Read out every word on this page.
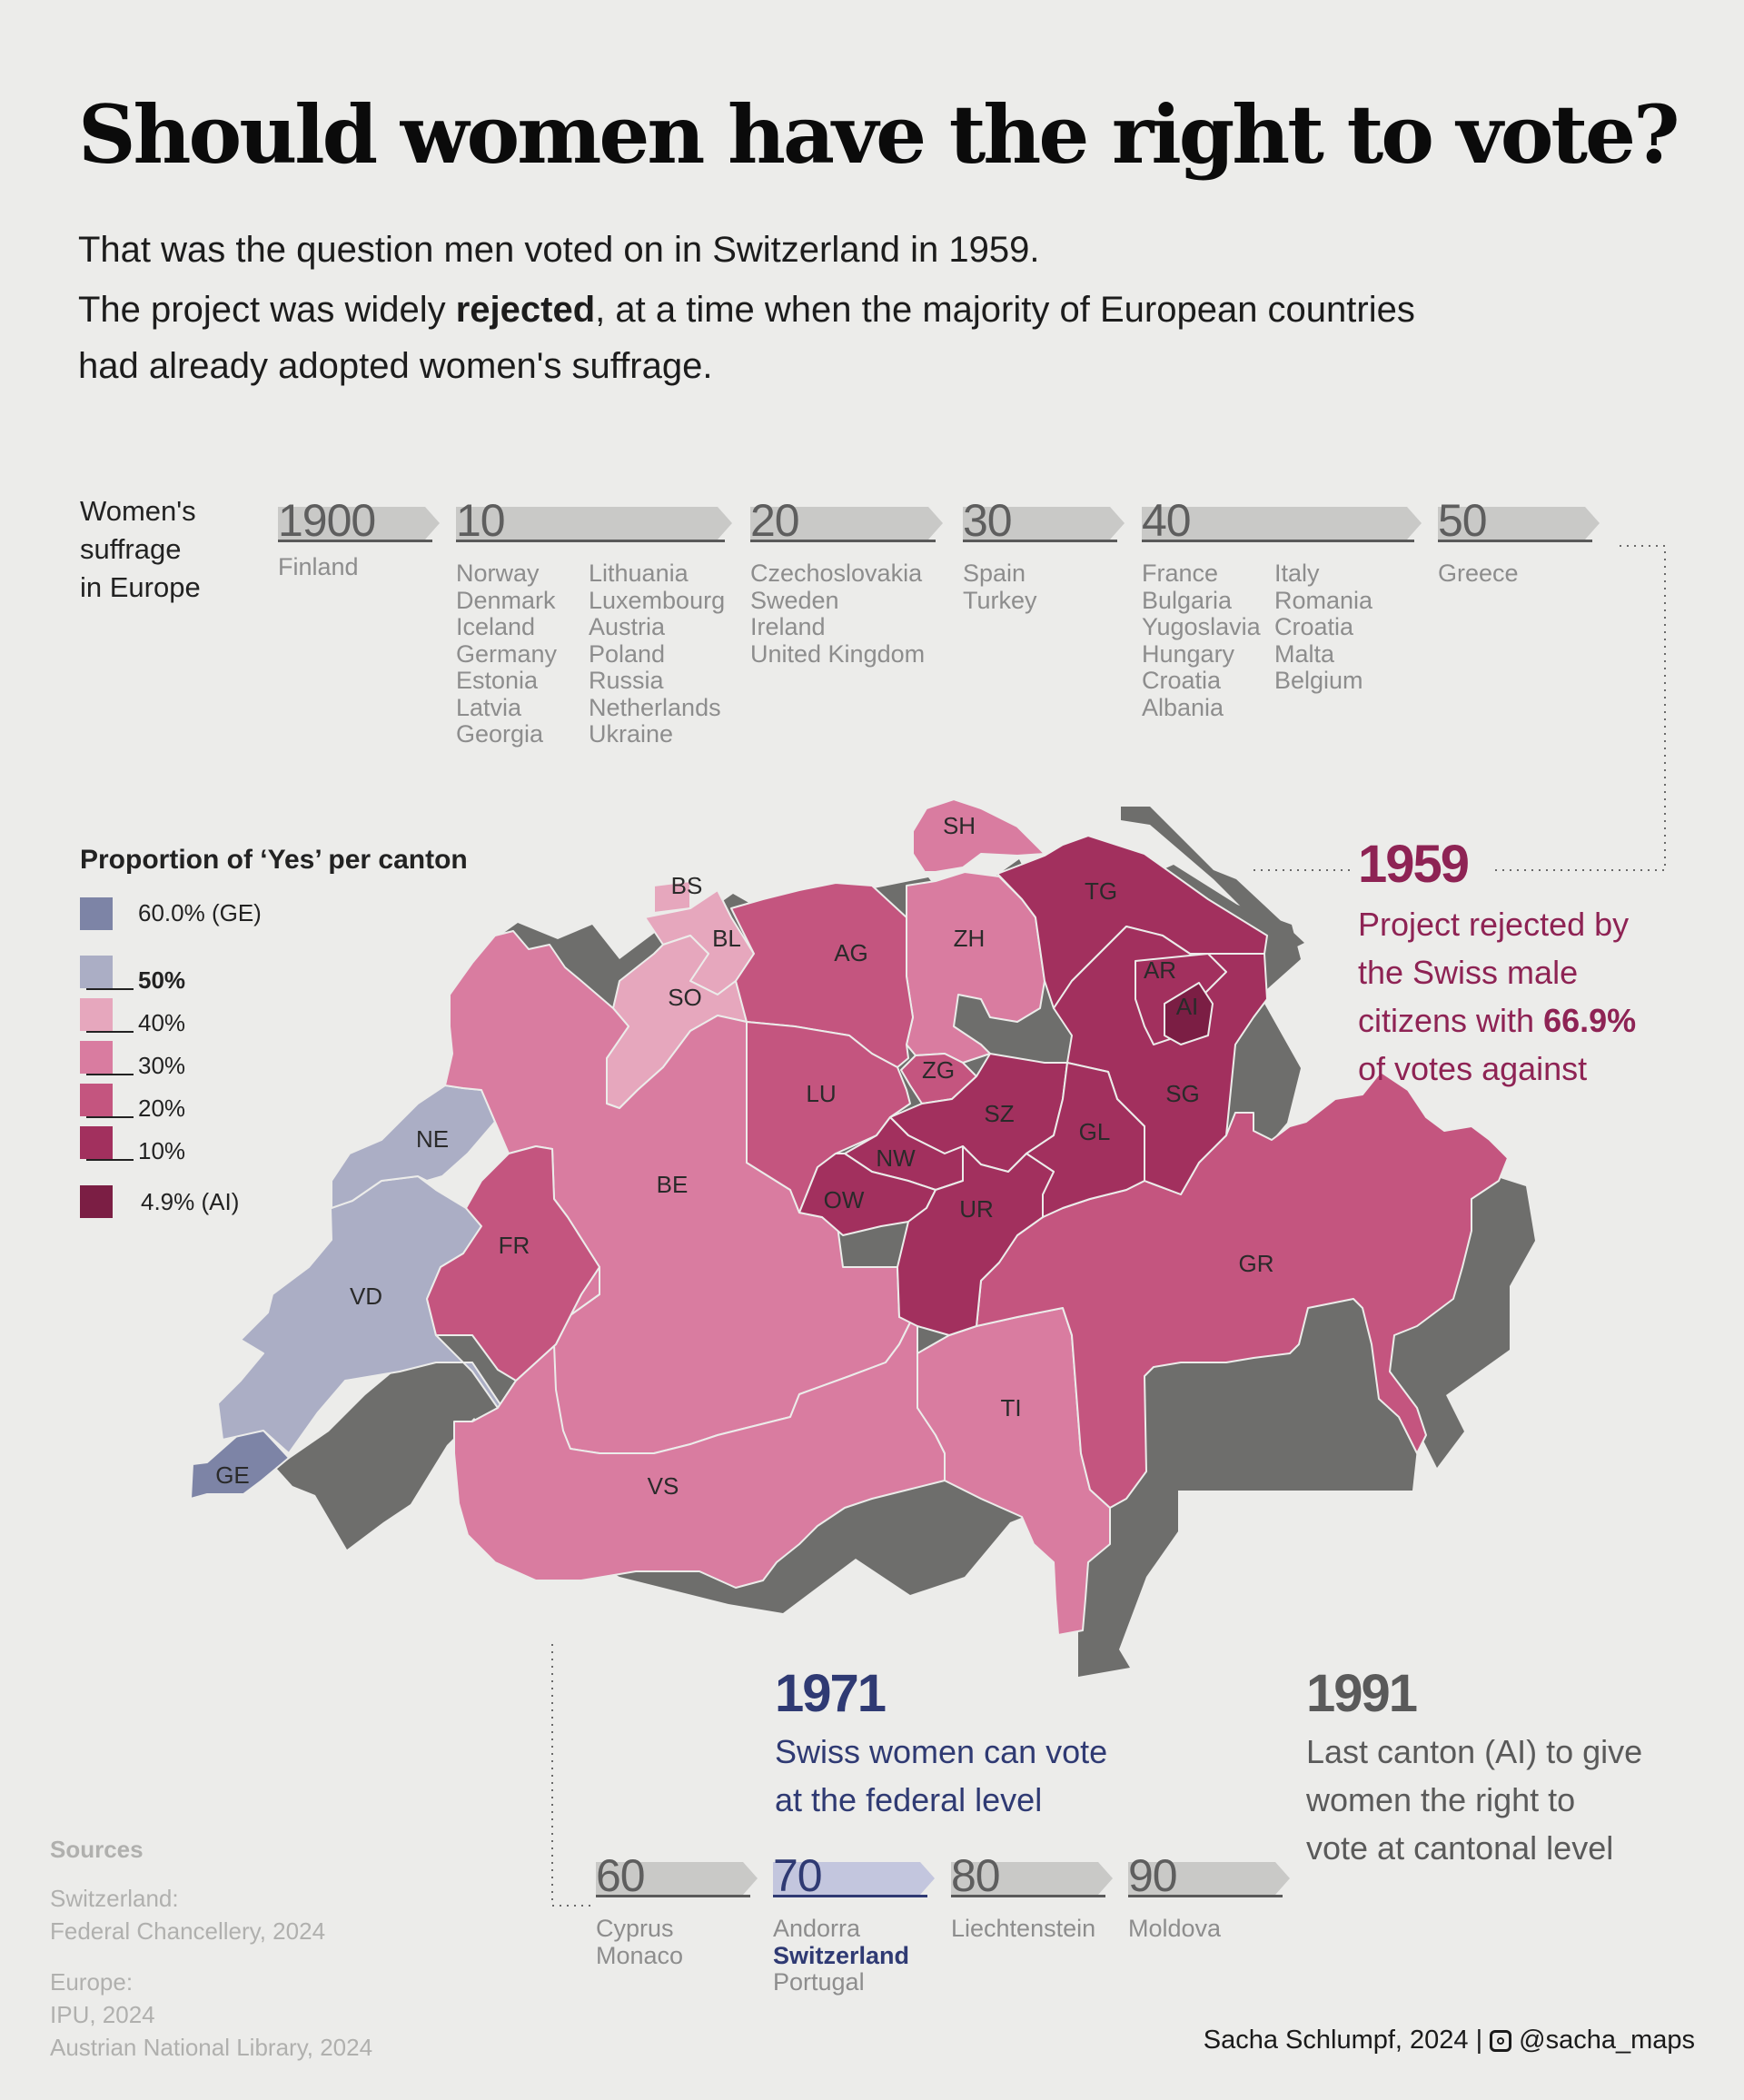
Should women have the right to vote?
That was the question men voted on in Switzerland in 1959.
The project was widely rejected, at a time when the majority of European countries
had already adopted women's suffrage.
Women's
suffrage
in Europe
1900
Finland
10
Norway
Denmark
Iceland
Germany
Estonia
Latvia
Georgia
Lithuania
Luxembourg
Austria
Poland
Russia
Netherlands
Ukraine
20
Czechoslovakia
Sweden
Ireland
United Kingdom
30
Spain
Turkey
40
France
Bulgaria
Yugoslavia
Hungary
Croatia
Albania
Italy
Romania
Croatia
Malta
Belgium
50
Greece
60
Cyprus
Monaco
70
Andorra
Switzerland
Portugal
80
Liechtenstein
90
Moldova
Proportion of ‘Yes’ per canton
60.0% (GE)
50%
40%
30%
20%
10%
4.9% (AI)
GE
VD
NE
BS
BL
SO
BE
VS
ZH
SH
TI
FR
AG
LU
ZG
GR
TG
SG
AR
SZ
GL
NW
OW	UR
AI
1959
Project rejected by
the Swiss male
citizens with 66.9%
of votes against
1971
Swiss women can vote
at the federal level
1991
Last canton (AI) to give
women the right to
vote at cantonal level
Sources
Switzerland:
Federal Chancellery, 2024
Europe:
IPU, 2024
Austrian National Library, 2024	Sacha Schlumpf, 2024 | @sacha_maps
